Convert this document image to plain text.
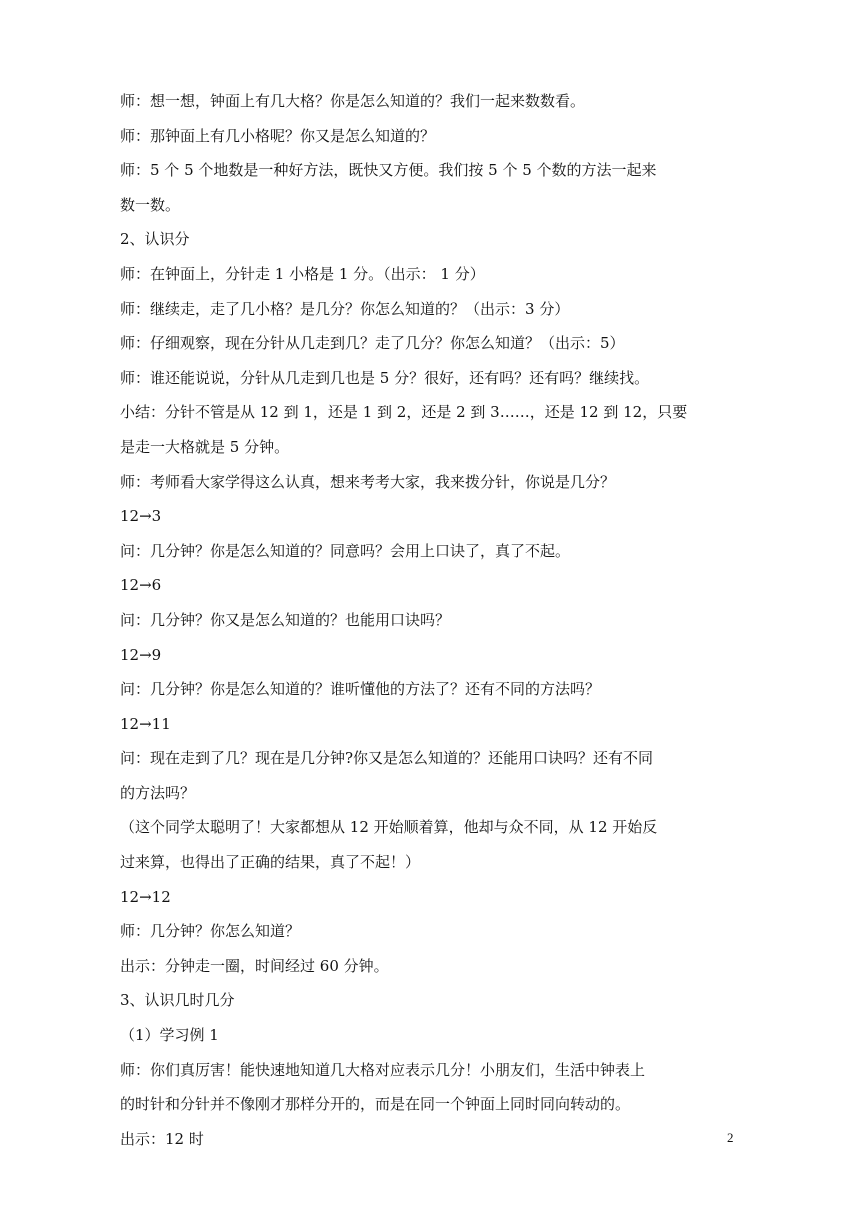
师：想一想，钟面上有几大格？你是怎么知道的？我们一起来数数看。
师：那钟面上有几小格呢？你又是怎么知道的？
师：5 个 5 个地数是一种好方法，既快又方便。我们按 5 个 5 个数的方法一起来
数一数。
2、认识分
师：在钟面上，分针走 1 小格是 1 分。（出示： 1 分）
师：继续走，走了几小格？是几分？你怎么知道的？（出示：3 分）
师：仔细观察，现在分针从几走到几？走了几分？你怎么知道？（出示：5）
师：谁还能说说，分针从几走到几也是 5 分？很好，还有吗？还有吗？继续找。
小结：分针不管是从 12 到 1，还是 1 到 2，还是 2 到 3……，还是 12 到 12，只要
是走一大格就是 5 分钟。
师：考师看大家学得这么认真，想来考考大家，我来拨分针，你说是几分？
12→3
问：几分钟？你是怎么知道的？同意吗？会用上口诀了，真了不起。
12→6
问：几分钟？你又是怎么知道的？也能用口诀吗？
12→9
问：几分钟？你是怎么知道的？谁听懂他的方法了？还有不同的方法吗？
12→11
问：现在走到了几？现在是几分钟?你又是怎么知道的？还能用口诀吗？还有不同
的方法吗？
（这个同学太聪明了！大家都想从 12 开始顺着算，他却与众不同，从 12 开始反
过来算，也得出了正确的结果，真了不起！）
12→12
师：几分钟？你怎么知道？
出示：分钟走一圈，时间经过 60 分钟。
3、认识几时几分
（1）学习例 1
师：你们真厉害！能快速地知道几大格对应表示几分！小朋友们，生活中钟表上
的时针和分针并不像刚才那样分开的，而是在同一个钟面上同时同向转动的。
出示：12 时	2
